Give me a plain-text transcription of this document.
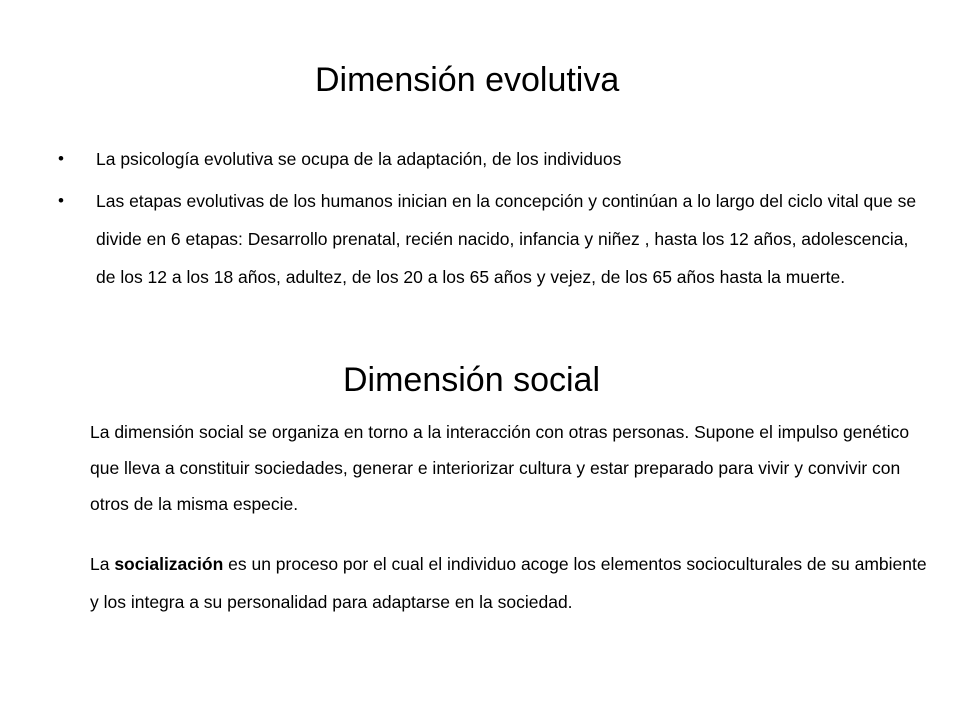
Dimensión evolutiva
• La psicología evolutiva se ocupa de la adaptación, de los individuos
• Las etapas evolutivas de los humanos inician en la concepción y continúan a lo largo del ciclo vital que se divide en 6 etapas: Desarrollo prenatal, recién nacido, infancia y niñez , hasta los 12 años, adolescencia, de los 12 a los 18 años, adultez, de los 20 a los 65 años y vejez, de los 65 años hasta la muerte.
Dimensión social
La dimensión social se organiza en torno a la interacción con otras personas. Supone el impulso genético que lleva a constituir sociedades, generar e interiorizar cultura y estar preparado para vivir y convivir con otros de la misma especie.
La socialización es un proceso por el cual el individuo acoge los elementos socioculturales de su ambiente y los integra a su personalidad para adaptarse en la sociedad.
